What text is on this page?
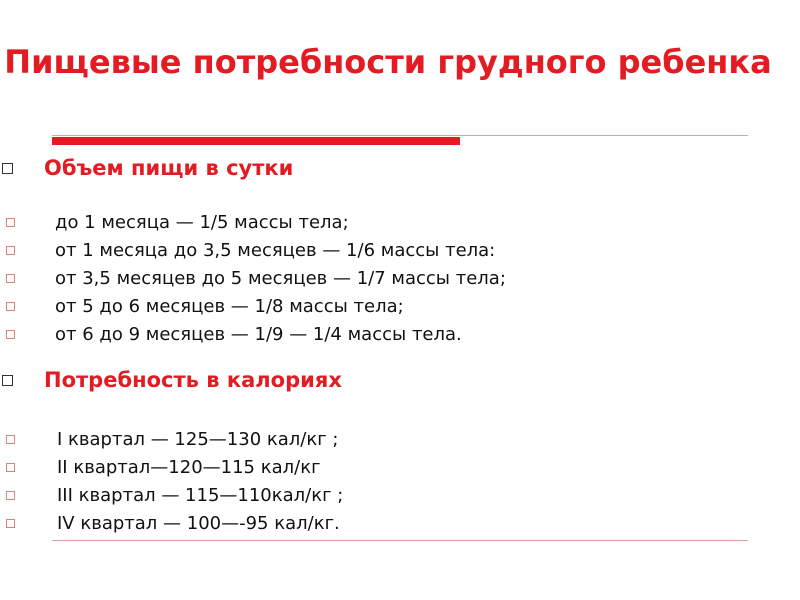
Пищевые потребности грудного ребенка
Объем пищи в сутки
до 1 месяца — 1/5 массы тела;
от 1 месяца до 3,5 месяцев — 1/6 массы тела:
от 3,5 месяцев до 5 месяцев — 1/7 массы тела;
от 5 до 6 месяцев — 1/8 массы тела;
от 6 до 9 месяцев — 1/9 — 1/4 массы тела.
Потребность в калориях
I квартал — 125—130 кал/кг ;
II квартал—120—115 кал/кг
III квартал — 115—110кал/кг ;
IV квартал — 100—-95 кал/кг.
